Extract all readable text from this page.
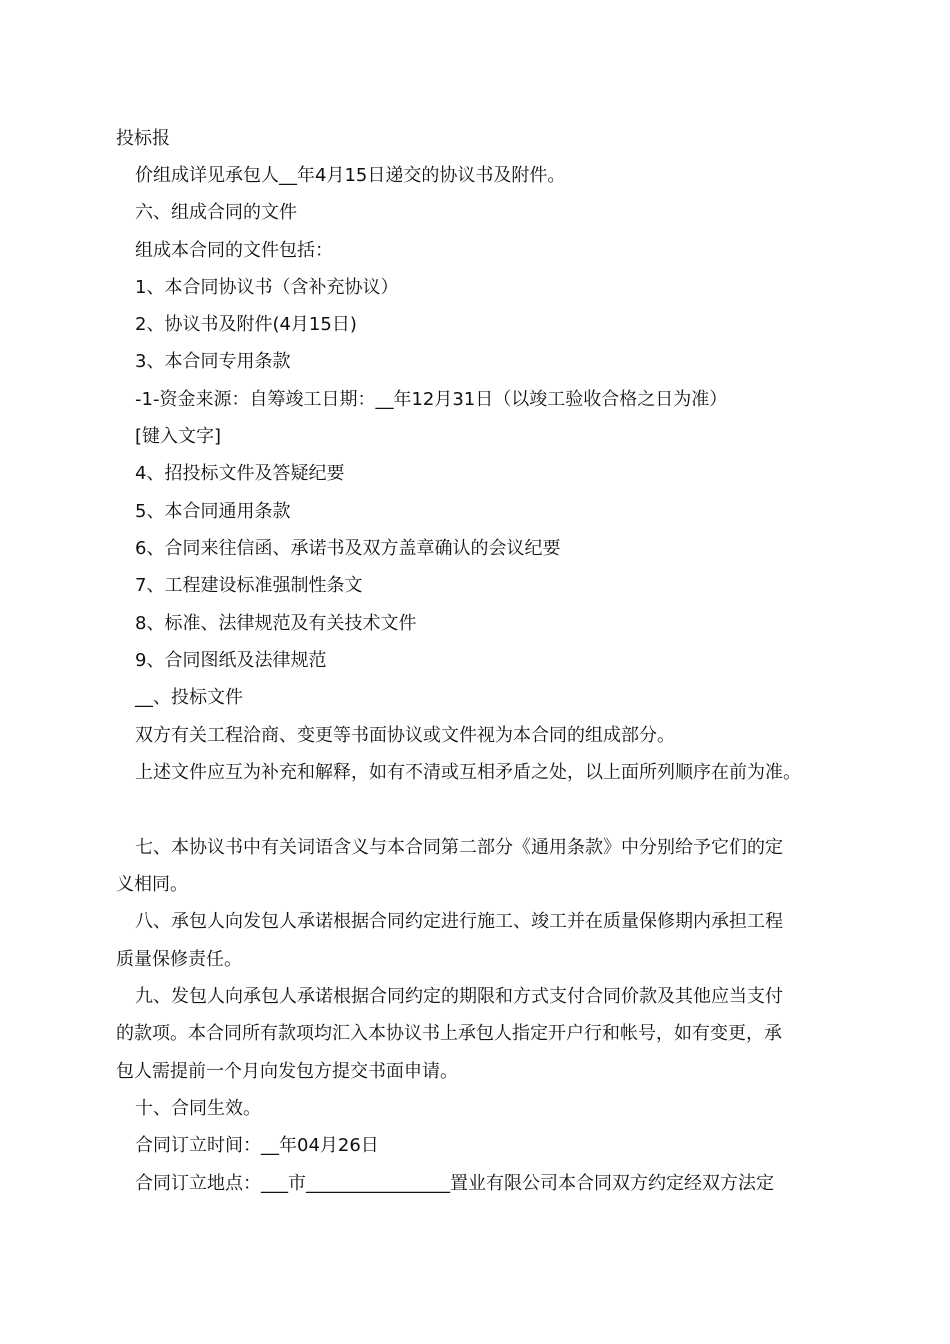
投标报
价组成详见承包人__年4月15日递交的协议书及附件。
六、组成合同的文件
组成本合同的文件包括：
1、本合同协议书（含补充协议）
2、协议书及附件(4月15日)
3、本合同专用条款
-1-资金来源：自筹竣工日期：__年12月31日（以竣工验收合格之日为准）
[键入文字]
4、招投标文件及答疑纪要
5、本合同通用条款
6、合同来往信函、承诺书及双方盖章确认的会议纪要
7、工程建设标准强制性条文
8、标准、法律规范及有关技术文件
9、合同图纸及法律规范
__、投标文件
双方有关工程洽商、变更等书面协议或文件视为本合同的组成部分。
上述文件应互为补充和解释，如有不清或互相矛盾之处，以上面所列顺序在前为准。
七、本协议书中有关词语含义与本合同第二部分《通用条款》中分别给予它们的定
义相同。
八、承包人向发包人承诺根据合同约定进行施工、竣工并在质量保修期内承担工程
质量保修责任。
九、发包人向承包人承诺根据合同约定的期限和方式支付合同价款及其他应当支付
的款项。本合同所有款项均汇入本协议书上承包人指定开户行和帐号，如有变更，承
包人需提前一个月向发包方提交书面申请。
十、合同生效。
合同订立时间：__年04月26日
合同订立地点：___市________________置业有限公司本合同双方约定经双方法定
